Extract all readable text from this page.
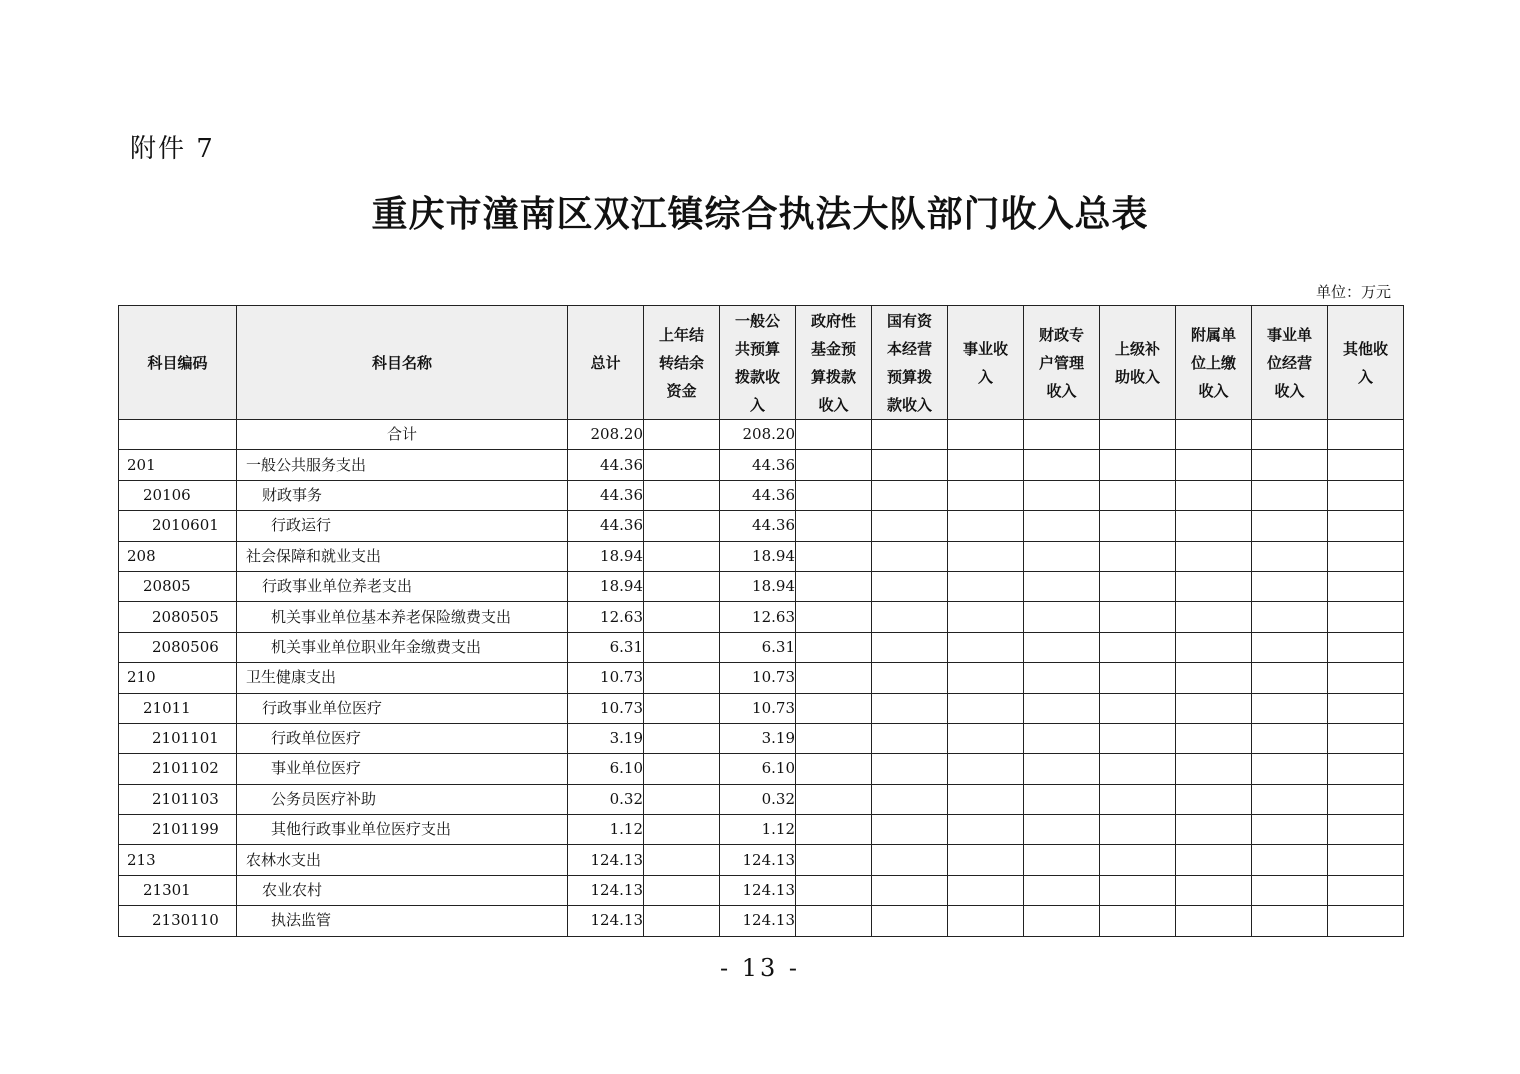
附件 7
重庆市潼南区双江镇综合执法大队部门收入总表
单位：万元
科目编码	科目名称	总计	上年结转结余资金	一般公共预算拨款收入	政府性基金预算拨款收入	国有资本经营预算拨款收入	事业收入	财政专户管理收入	上级补助收入	附属单位上缴收入	事业单位经营收入	其他收入
	合计	208.20		208.20								
201	一般公共服务支出	44.36		44.36								
20106	财政事务	44.36		44.36								
2010601	行政运行	44.36		44.36								
208	社会保障和就业支出	18.94		18.94								
20805	行政事业单位养老支出	18.94		18.94								
2080505	机关事业单位基本养老保险缴费支出	12.63		12.63								
2080506	机关事业单位职业年金缴费支出	6.31		6.31								
210	卫生健康支出	10.73		10.73								
21011	行政事业单位医疗	10.73		10.73								
2101101	行政单位医疗	3.19		3.19								
2101102	事业单位医疗	6.10		6.10								
2101103	公务员医疗补助	0.32		0.32								
2101199	其他行政事业单位医疗支出	1.12		1.12								
213	农林水支出	124.13		124.13								
21301	农业农村	124.13		124.13								
2130110	执法监管	124.13		124.13								
- 13 -
